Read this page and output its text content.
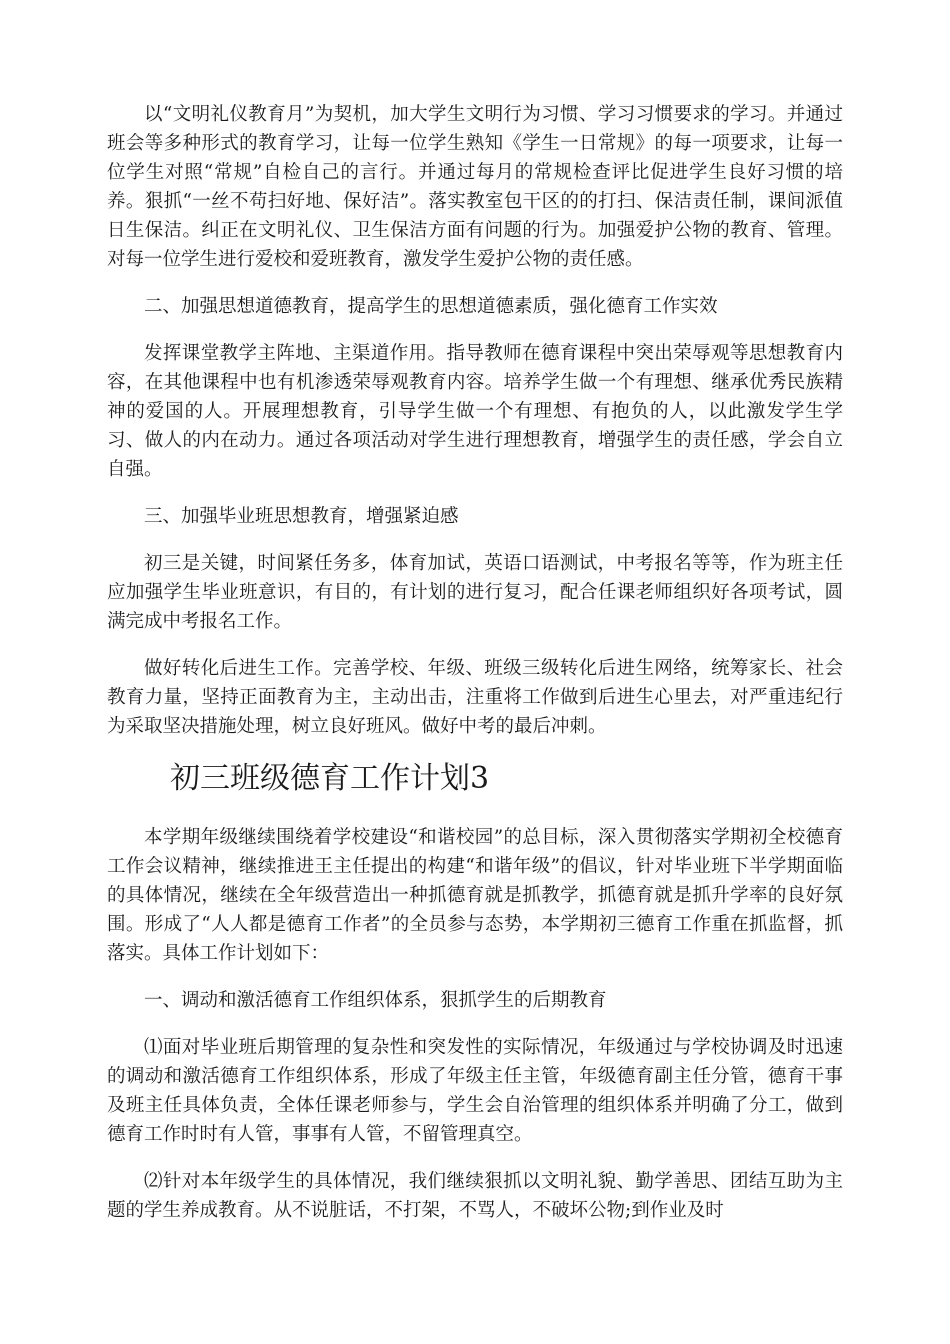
以“文明礼仪教育月”为契机，加大学生文明行为习惯、学习习惯要求的学习。并通过班会等多种形式的教育学习，让每一位学生熟知《学生一日常规》的每一项要求，让每一位学生对照“常规”自检自己的言行。并通过每月的常规检查评比促进学生良好习惯的培养。狠抓“一丝不苟扫好地、保好洁”。落实教室包干区的的打扫、保洁责任制，课间派值日生保洁。纠正在文明礼仪、卫生保洁方面有问题的行为。加强爱护公物的教育、管理。对每一位学生进行爱校和爱班教育，激发学生爱护公物的责任感。

二、加强思想道德教育，提高学生的思想道德素质，强化德育工作实效

发挥课堂教学主阵地、主渠道作用。指导教师在德育课程中突出荣辱观等思想教育内容，在其他课程中也有机渗透荣辱观教育内容。培养学生做一个有理想、继承优秀民族精神的爱国的人。开展理想教育，引导学生做一个有理想、有抱负的人，以此激发学生学习、做人的内在动力。通过各项活动对学生进行理想教育，增强学生的责任感，学会自立自强。

三、加强毕业班思想教育，增强紧迫感

初三是关键，时间紧任务多，体育加试，英语口语测试，中考报名等等，作为班主任应加强学生毕业班意识，有目的，有计划的进行复习，配合任课老师组织好各项考试，圆满完成中考报名工作。

做好转化后进生工作。完善学校、年级、班级三级转化后进生网络，统筹家长、社会教育力量，坚持正面教育为主，主动出击，注重将工作做到后进生心里去，对严重违纪行为采取坚决措施处理，树立良好班风。做好中考的最后冲刺。

初三班级德育工作计划3

本学期年级继续围绕着学校建设“和谐校园”的总目标，深入贯彻落实学期初全校德育工作会议精神，继续推进王主任提出的构建“和谐年级”的倡议，针对毕业班下半学期面临的具体情况，继续在全年级营造出一种抓德育就是抓教学，抓德育就是抓升学率的良好氛围。形成了“人人都是德育工作者”的全员参与态势，本学期初三德育工作重在抓监督，抓落实。具体工作计划如下：

一、调动和激活德育工作组织体系，狠抓学生的后期教育

⑴面对毕业班后期管理的复杂性和突发性的实际情况，年级通过与学校协调及时迅速的调动和激活德育工作组织体系，形成了年级主任主管，年级德育副主任分管，德育干事及班主任具体负责，全体任课老师参与，学生会自治管理的组织体系并明确了分工，做到德育工作时时有人管，事事有人管，不留管理真空。

⑵针对本年级学生的具体情况，我们继续狠抓以文明礼貌、勤学善思、团结互助为主题的学生养成教育。从不说脏话，不打架，不骂人，不破坏公物;到作业及时
